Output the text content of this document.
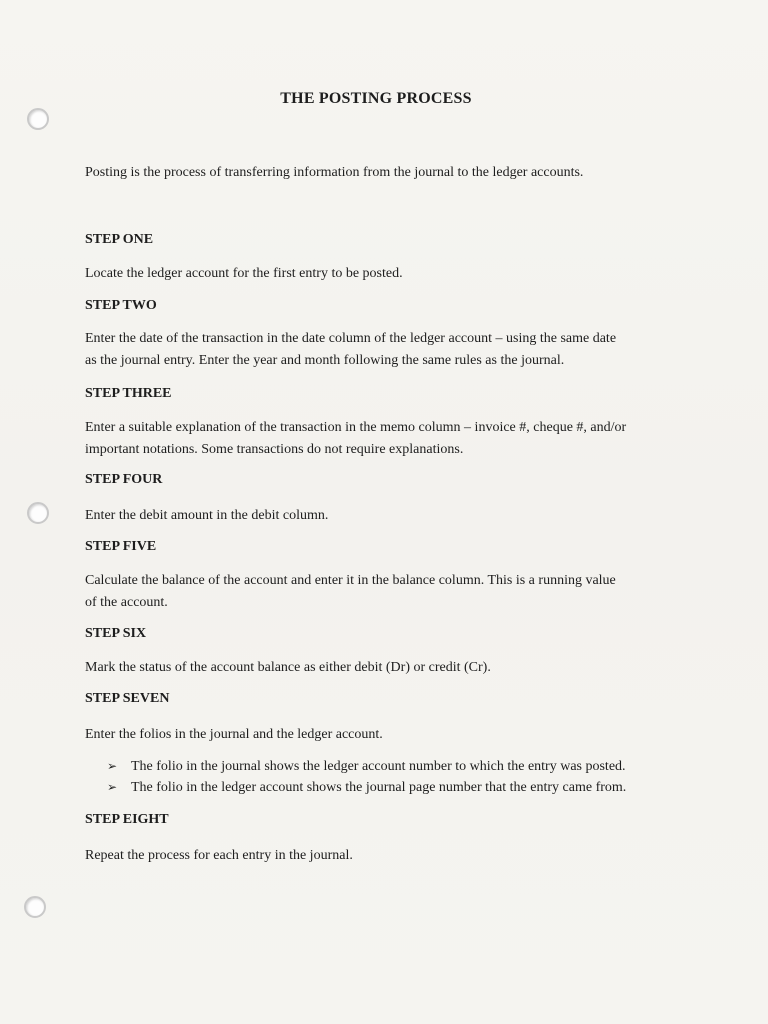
THE POSTING PROCESS
Posting is the process of transferring information from the journal to the ledger accounts.
STEP ONE
Locate the ledger account for the first entry to be posted.
STEP TWO
Enter the date of the transaction in the date column of the ledger account – using the same date
as the journal entry. Enter the year and month following the same rules as the journal.
STEP THREE
Enter a suitable explanation of the transaction in the memo column – invoice #, cheque #, and/or
important notations. Some transactions do not require explanations.
STEP FOUR
Enter the debit amount in the debit column.
STEP FIVE
Calculate the balance of the account and enter it in the balance column. This is a running value
of the account.
STEP SIX
Mark the status of the account balance as either debit (Dr) or credit (Cr).
STEP SEVEN
Enter the folios in the journal and the ledger account.
➢ The folio in the journal shows the ledger account number to which the entry was posted.
➢ The folio in the ledger account shows the journal page number that the entry came from.
STEP EIGHT
Repeat the process for each entry in the journal.
